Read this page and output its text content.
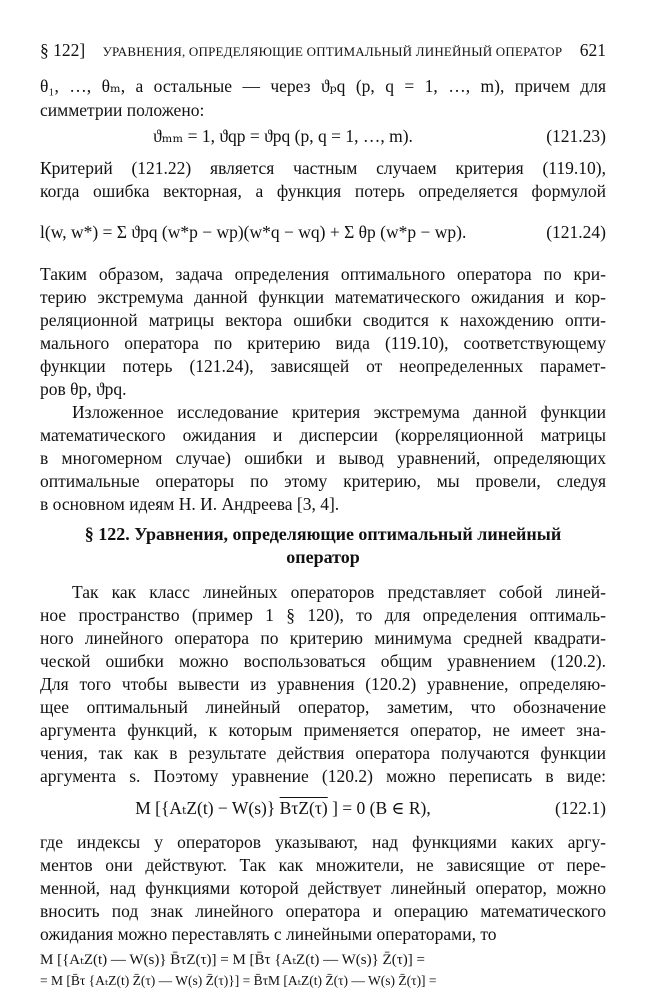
§ 122] УРАВНЕНИЯ, ОПРЕДЕЛЯЮЩИЕ ОПТИМАЛЬНЫЙ ЛИНЕЙНЫЙ ОПЕРАТОР 621
θ₁, …, θₘ, а остальные — через ϑₚq (p, q = 1, …, m), причем для
симметрии положено:
ϑₘₘ = 1, ϑqp = ϑpq (p, q = 1, …, m).	(121.23)
Критерий (121.22) является частным случаем критерия (119.10),
когда ошибка векторная, а функция потерь определяется формулой
l(w, w*) = Σ ϑpq (w*p − wp)(w*q − wq) + Σ θp (w*p − wp).	(121.24)
Таким образом, задача определения оптимального оператора по кри-
терию экстремума данной функции математического ожидания и кор-
реляционной матрицы вектора ошибки сводится к нахождению опти-
мального оператора по критерию вида (119.10), соответствующему
функции потерь (121.24), зависящей от неопределенных парамет-
ров θp, ϑpq.
Изложенное исследование критерия экстремума данной функции
математического ожидания и дисперсии (корреляционной матрицы
в многомерном случае) ошибки и вывод уравнений, определяющих
оптимальные операторы по этому критерию, мы провели, следуя
в основном идеям Н. И. Андреева [3, 4].
§ 122. Уравнения, определяющие оптимальный линейный
оператор
Так как класс линейных операторов представляет собой линей-
ное пространство (пример 1 § 120), то для определения оптималь-
ного линейного оператора по критерию минимума средней квадрати-
ческой ошибки можно воспользоваться общим уравнением (120.2).
Для того чтобы вывести из уравнения (120.2) уравнение, определяю-
щее оптимальный линейный оператор, заметим, что обозначение
аргумента функций, к которым применяется оператор, не имеет зна-
чения, так как в результате действия оператора получаются функции
аргумента s. Поэтому уравнение (120.2) можно переписать в виде:
M [{AₜZ(t) − W(s)} BτZ(τ) ] = 0 (B ∈ R),	(122.1)
где индексы у операторов указывают, над функциями каких аргу-
ментов они действуют. Так как множители, не зависящие от пере-
менной, над функциями которой действует линейный оператор, можно
вносить под знак линейного оператора и операцию математического
ожидания можно переставлять с линейными операторами, то
M [{AₜZ(t) — W(s)} B̄τZ(τ)] = M [B̄τ {AₜZ(t) — W(s)} Z̄(τ)] =
= M [B̄τ {AₜZ(t) Z̄(τ) — W(s) Z̄(τ)}] = B̄τM [AₜZ(t) Z̄(τ) — W(s) Z̄(τ)] =
